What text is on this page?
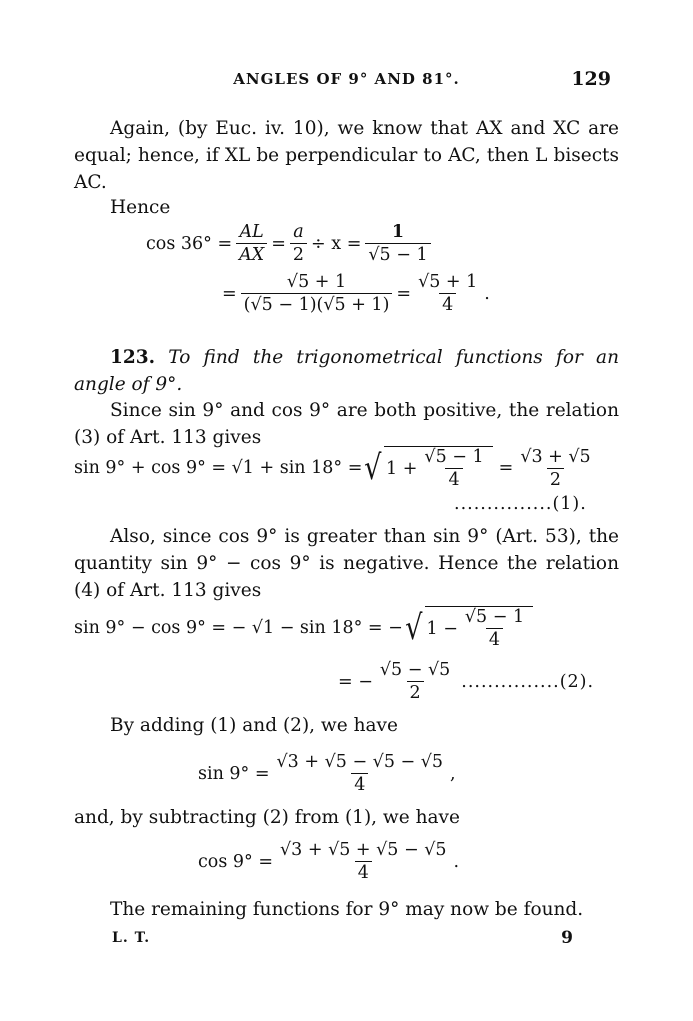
ANGLES OF 9° AND 81°.	129
Again, (by Euc. iv. 10), we know that AX and XC are equal; hence, if XL be perpendicular to AC, then L bisects AC.
Hence
$\cos 36^\circ = \frac{AL}{AX} = \frac{a}{2} \div x = \frac{1}{√5 - 1}$
= $\frac{√5 + 1}{(√5 - 1)(√5 + 1)} = \frac{√5 + 1}{4}$ .
123. To find the trigonometrical functions for an angle of 9°.
Since sin 9° and cos 9° are both positive, the relation (3) of Art. 113 gives
sin 9° + cos 9° = √1 + sin 18° = √ $1 + \frac{√5 - 1}{4} = \frac{√3 + √5}{2}$
...............(1).
Also, since cos 9° is greater than sin 9° (Art. 53), the quantity sin 9° − cos 9° is negative. Hence the relation (4) of Art. 113 gives
sin 9° − cos 9° = − √1 − sin 18° = − √ $1 - \frac{√5 - 1}{4}$
= − $\frac{√5 - √5}{2} ...............(2)$.
By adding (1) and (2), we have
$\sin 9^\circ = \frac{√3 + √5 - √5 - √5}{4}$ ,
and, by subtracting (2) from (1), we have
$\cos 9^\circ = \frac{√3 + √5 + √5 - √5}{4}$ .
The remaining functions for 9° may now be found.
L. T.	9
